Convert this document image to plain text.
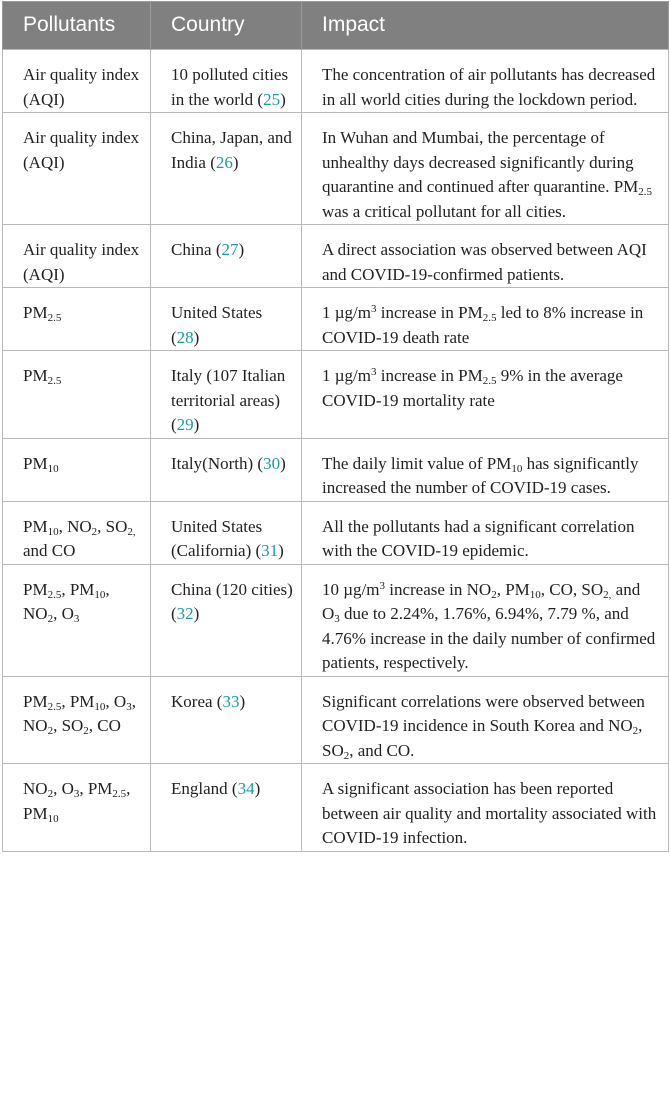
Pollutants	Country	Impact
Air quality index (AQI)	10 polluted cities in the world (25)	The concentration of air pollutants has decreased in all world cities during the lockdown period.
Air quality index (AQI)	China, Japan, and India (26)	In Wuhan and Mumbai, the percentage of unhealthy days decreased significantly during quarantine and continued after quarantine. $PM_{2.5}$ was a critical pollutant for all cities.
Air quality index (AQI)	China (27)	A direct association was observed between AQI and COVID-19-confirmed patients.
$PM_{2.5}$	United States (28)	1 $\mu g/m^3$ increase in $PM_{2.5}$ led to 8% increase in COVID-19 death rate
$PM_{2.5}$	Italy (107 Italian territorial areas) (29)	1 $\mu g/m^3$ increase in $PM_{2.5}$ 9% in the average COVID-19 mortality rate
$PM_{10}$	Italy(North) (30)	The daily limit value of $PM_{10}$ has significantly increased the number of COVID-19 cases.
$PM_{10}$, $NO_2$, $SO_{2,}$ and CO	United States (California) (31)	All the pollutants had a significant correlation with the COVID-19 epidemic.
$PM_{2.5}$, $PM_{10}$, $NO_2$, $O_3$	China (120 cities) (32)	10 $\mu g/m^3$ increase in $NO_2$, $PM_{10}$, CO, $SO_{2,}$ and $O_3$ due to 2.24%, 1.76%, 6.94%, 7.79 %, and 4.76% increase in the daily number of confirmed patients, respectively.
$PM_{2.5}$, $PM_{10}$, $O_3$, $NO_2$, $SO_2$, CO	Korea (33)	Significant correlations were observed between COVID-19 incidence in South Korea and $NO_2$, $SO_2$, and CO.
$NO_2$, $O_3$, $PM_{2.5}$, $PM_{10}$	England (34)	A significant association has been reported between air quality and mortality associated with COVID-19 infection.
